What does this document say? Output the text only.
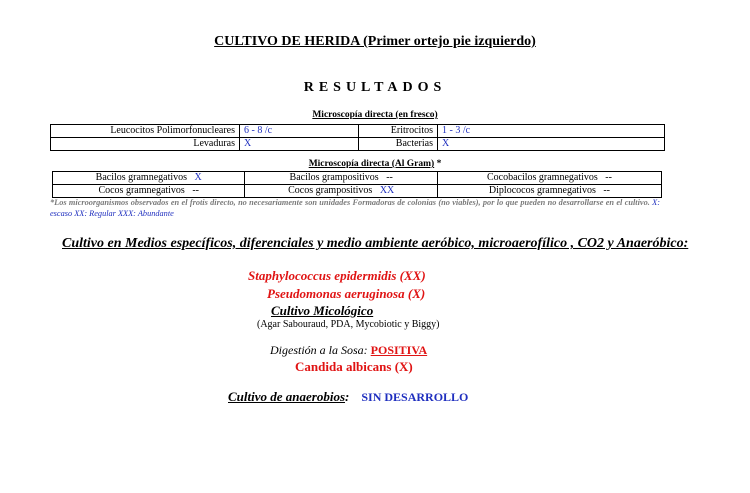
CULTIVO DE HERIDA (Primer ortejo pie izquierdo)
RESULTADOS
Microscopía directa (en fresco)
Leucocitos Polimorfonucleares	6 - 8 /c	Eritrocitos	1 - 3 /c
Levaduras	X	Bacterias	X
Microscopía directa (Al Gram) *
Bacilos gramnegativos X	Bacilos grampositivos --	Cocobacilos gramnegativos --
Cocos gramnegativos --	Cocos grampositivos XX	Diplococos gramnegativos --
*Los microorganismos observados en el frotis directo, no necesariamente son unidades Formadoras de colonias (no viables), por lo que pueden no desarrollarse en el cultivo. X: escaso XX: Regular XXX: Abundante
Cultivo en Medios específicos, diferenciales y medio ambiente aeróbico, microaerofílico , CO2 y Anaeróbico:
Staphylococcus epidermidis (XX)
Pseudomonas aeruginosa (X)
Cultivo Micológico
(Agar Sabouraud, PDA, Mycobiotic y Biggy)
Digestión a la Sosa: POSITIVA
Candida albicans (X)
Cultivo de anaerobios: SIN DESARROLLO
